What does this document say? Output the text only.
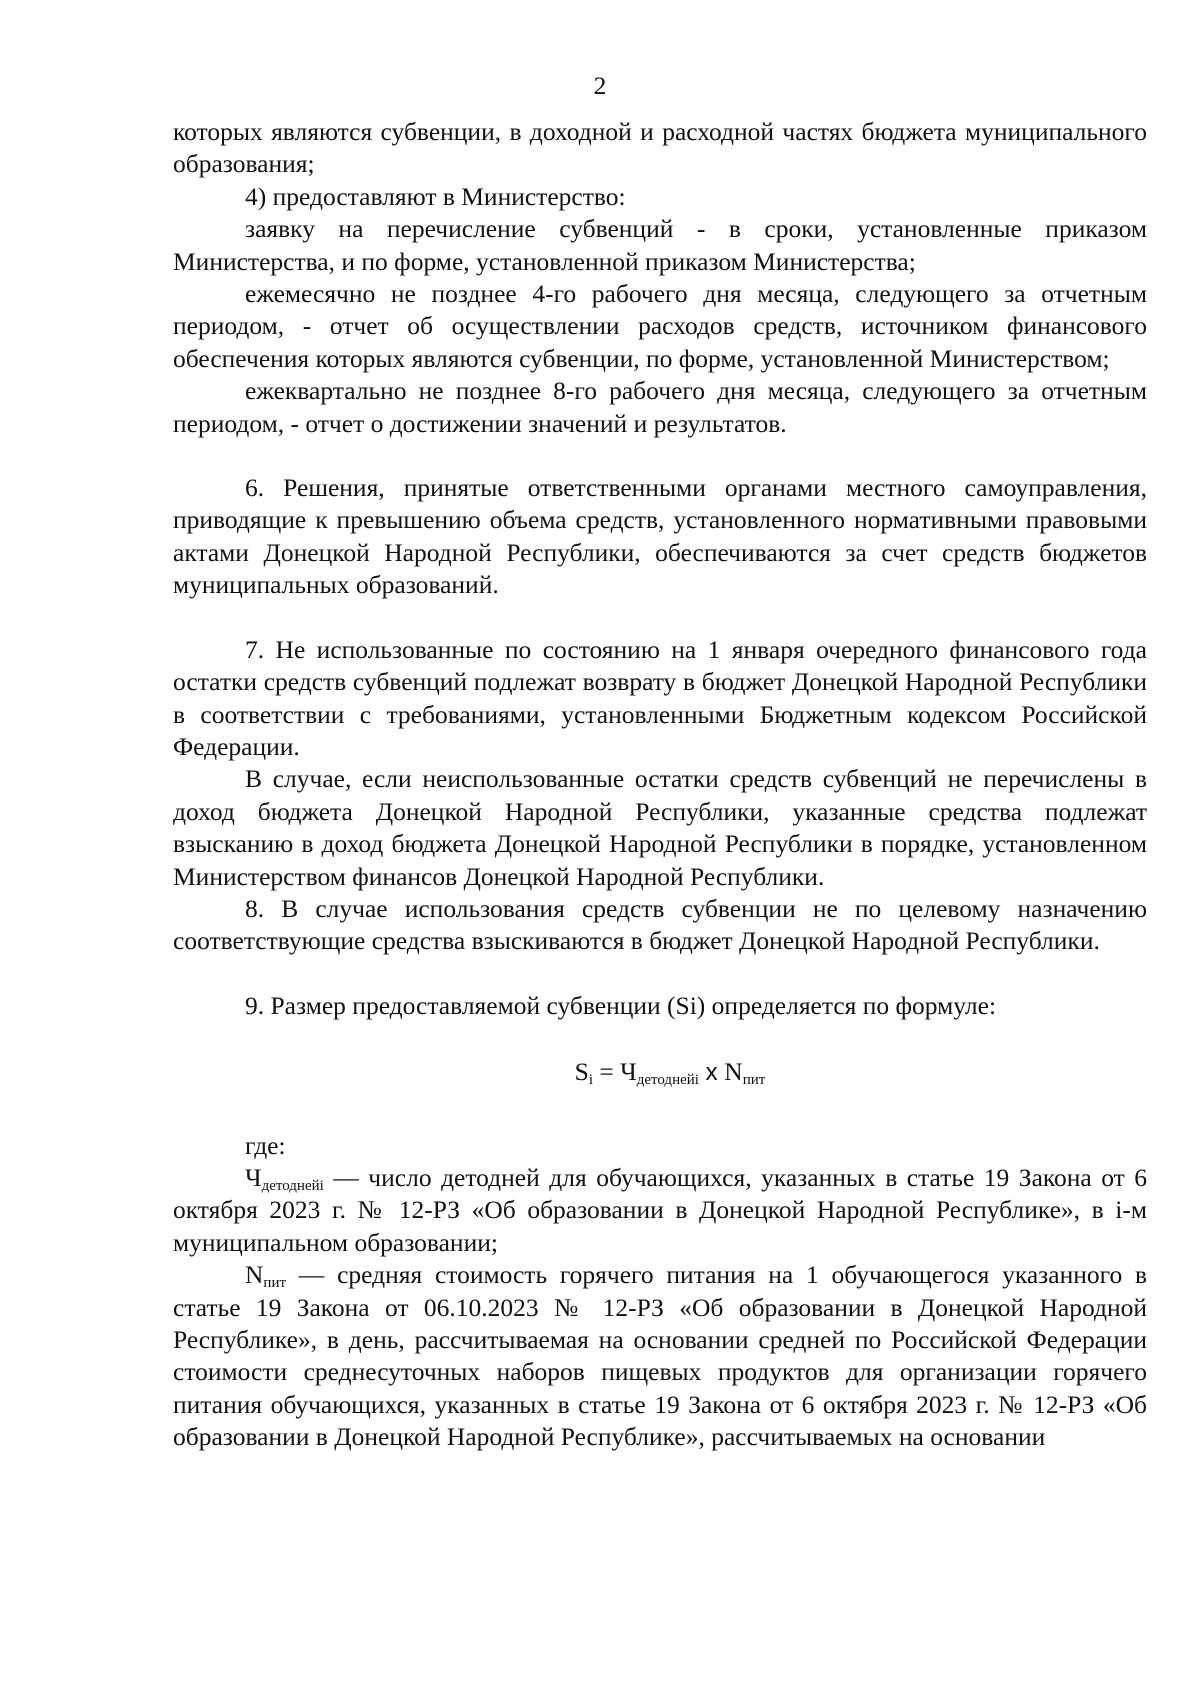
2

которых являются субвенции, в доходной и расходной частях бюджета муниципального образования;

4) предоставляют в Министерство:

заявку на перечисление субвенций - в сроки, установленные приказом Министерства, и по форме, установленной приказом Министерства;

ежемесячно не позднее 4-го рабочего дня месяца, следующего за отчетным периодом, - отчет об осуществлении расходов средств, источником финансового обеспечения которых являются субвенции, по форме, установленной Министерством;

ежеквартально не позднее 8-го рабочего дня месяца, следующего за отчетным периодом, - отчет о достижении значений и результатов.

6. Решения, принятые ответственными органами местного самоуправления, приводящие к превышению объема средств, установленного нормативными правовыми актами Донецкой Народной Республики, обеспечиваются за счет средств бюджетов муниципальных образований.

7. Не использованные по состоянию на 1 января очередного финансового года остатки средств субвенций подлежат возврату в бюджет Донецкой Народной Республики в соответствии с требованиями, установленными Бюджетным кодексом Российской Федерации.

В случае, если неиспользованные остатки средств субвенций не перечислены в доход бюджета Донецкой Народной Республики, указанные средства подлежат взысканию в доход бюджета Донецкой Народной Республики в порядке, установленном Министерством финансов Донецкой Народной Республики.

8. В случае использования средств субвенции не по целевому назначению соответствующие средства взыскиваются в бюджет Донецкой Народной Республики.

9. Размер предоставляемой субвенции (Si) определяется по формуле:

$S_i = Ч_{детоднейi}$ x $N_{пит}$

где:

$Ч_{детоднейi}$ — число детодней для обучающихся, указанных в статье 19 Закона от 6 октября 2023 г. № 12-РЗ «Об образовании в Донецкой Народной Республике», в i-м муниципальном образовании;

$N_{пит}$ — средняя стоимость горячего питания на 1 обучающегося указанного в статье 19 Закона от 06.10.2023 № 12-РЗ «Об образовании в Донецкой Народной Республике», в день, рассчитываемая на основании средней по Российской Федерации стоимости среднесуточных наборов пищевых продуктов для организации горячего питания обучающихся, указанных в статье 19 Закона от 6 октября 2023 г. № 12-РЗ «Об образовании в Донецкой Народной Республике», рассчитываемых на основании
